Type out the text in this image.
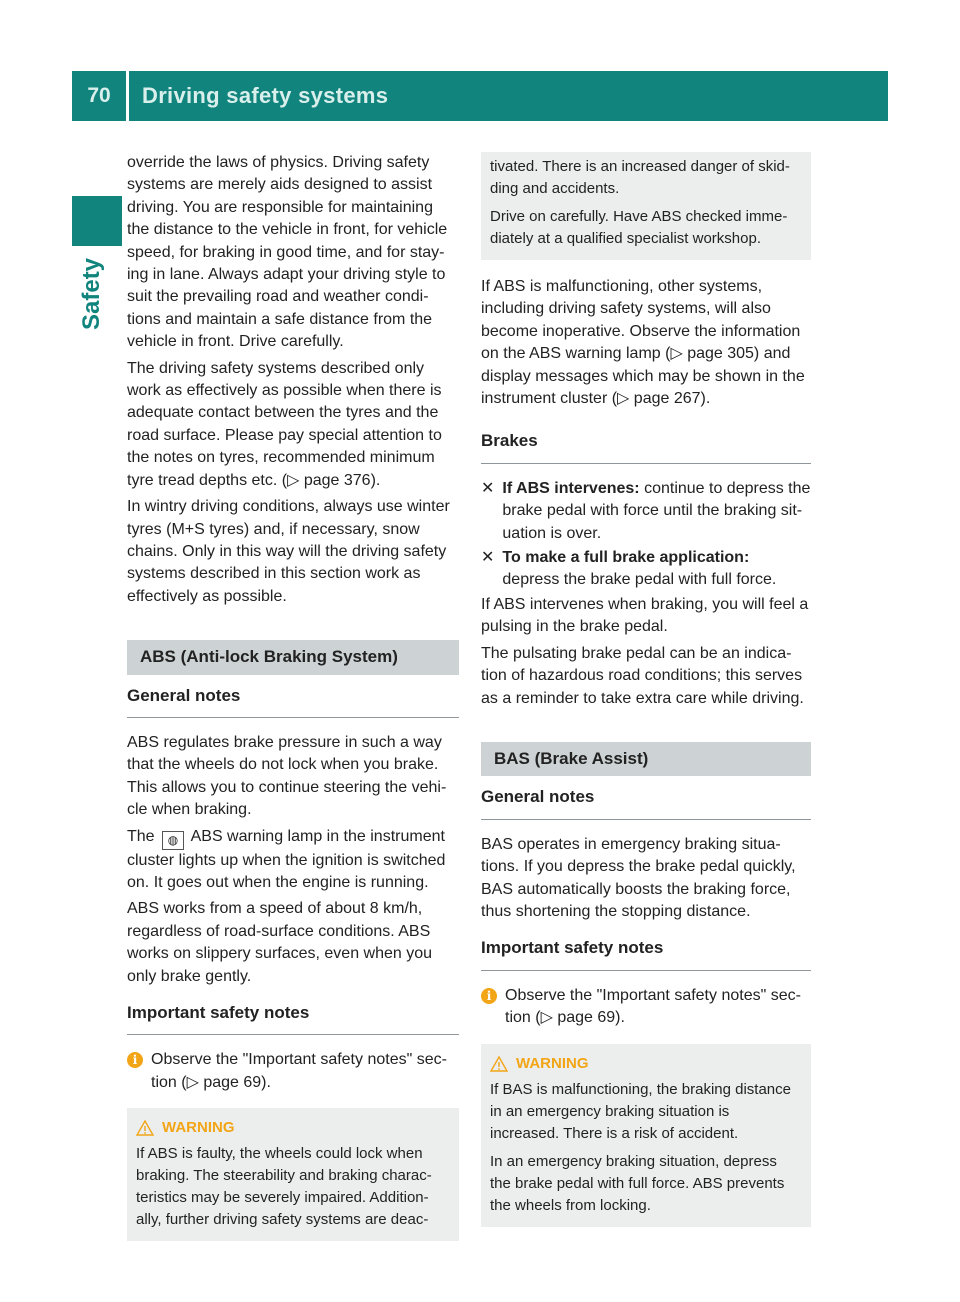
70	Driving safety systems
Safety

override the laws of physics. Driving safety systems are merely aids designed to assist driving. You are responsible for maintaining the distance to the vehicle in front, for vehicle speed, for braking in good time, and for stay-ing in lane. Always adapt your driving style to suit the prevailing road and weather condi-tions and maintain a safe distance from the vehicle in front. Drive carefully.

The driving safety systems described only work as effectively as possible when there is adequate contact between the tyres and the road surface. Please pay special attention to the notes on tyres, recommended minimum tyre tread depths etc. (▷ page 376).

In wintry driving conditions, always use winter tyres (M+S tyres) and, if necessary, snow chains. Only in this way will the driving safety systems described in this section work as effectively as possible.

ABS (Anti-lock Braking System)
General notes

ABS regulates brake pressure in such a way that the wheels do not lock when you brake. This allows you to continue steering the vehi-cle when braking.

The ◍ ABS warning lamp in the instrument cluster lights up when the ignition is switched on. It goes out when the engine is running.

ABS works from a speed of about 8 km/h, regardless of road-surface conditions. ABS works on slippery surfaces, even when you only brake gently.

Important safety notes
i Observe the "Important safety notes" sec-tion (▷ page 69).
WARNING
If ABS is faulty, the wheels could lock when braking. The steerability and braking charac-teristics may be severely impaired. Addition-ally, further driving safety systems are deac-
tivated. There is an increased danger of skid-ding and accidents.
Drive on carefully. Have ABS checked imme-diately at a qualified specialist workshop.

If ABS is malfunctioning, other systems, including driving safety systems, will also become inoperative. Observe the information on the ABS warning lamp (▷ page 305) and display messages which may be shown in the instrument cluster (▷ page 267).

Brakes
✕ If ABS intervenes: continue to depress the brake pedal with force until the braking sit-uation is over.
✕ To make a full brake application:
depress the brake pedal with full force.

If ABS intervenes when braking, you will feel a pulsing in the brake pedal.

The pulsating brake pedal can be an indica-tion of hazardous road conditions; this serves as a reminder to take extra care while driving.

BAS (Brake Assist)
General notes

BAS operates in emergency braking situa-tions. If you depress the brake pedal quickly, BAS automatically boosts the braking force, thus shortening the stopping distance.

Important safety notes
i Observe the "Important safety notes" sec-tion (▷ page 69).
WARNING
If BAS is malfunctioning, the braking distance in an emergency braking situation is increased. There is a risk of accident.
In an emergency braking situation, depress the brake pedal with full force. ABS prevents the wheels from locking.
